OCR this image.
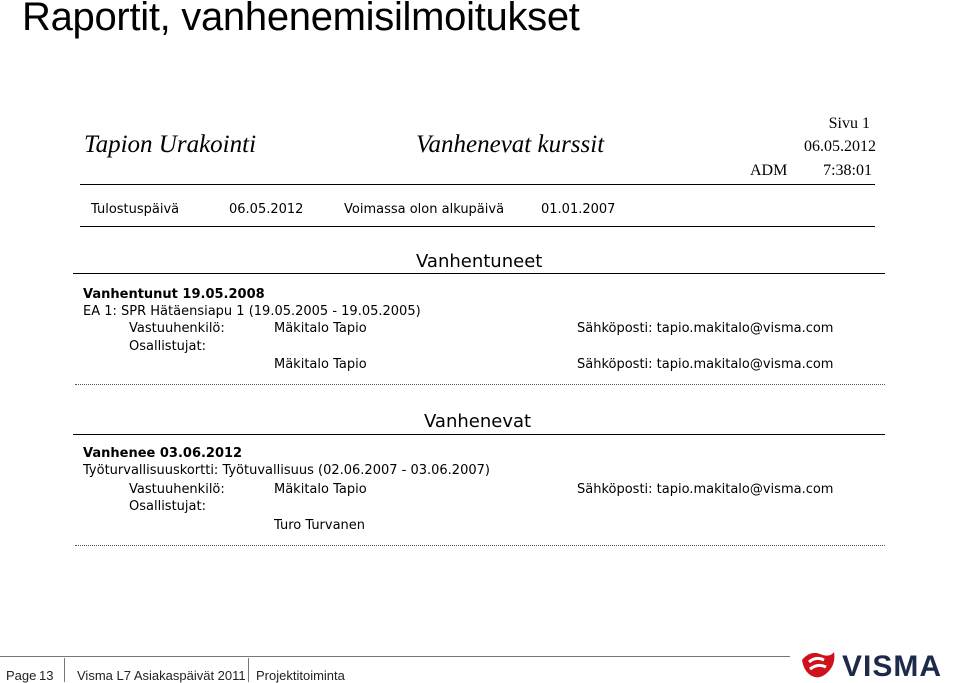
Raportit, vanhenemisilmoitukset
Tapion Urakointi	Vanhenevat kurssit
Sivu 1
06.05.2012
ADM 7:38:01
Tulostuspäivä	06.05.2012	Voimassa olon alkupäivä	01.01.2007
Vanhentuneet
Vanhentunut 19.05.2008
EA 1: SPR Hätäensiapu 1 (19.05.2005 - 19.05.2005)
Vastuuhenkilö:	Mäkitalo Tapio	Sähköposti: tapio.makitalo@visma.com
Osallistujat:
Mäkitalo Tapio	Sähköposti: tapio.makitalo@visma.com
Vanhenevat
Vanhenee 03.06.2012
Työturvallisuuskortti: Työtuvallisuus (02.06.2007 - 03.06.2007)
Vastuuhenkilö:	Mäkitalo Tapio	Sähköposti: tapio.makitalo@visma.com
Osallistujat:
Turo Turvanen
Page 13 Visma L7 Asiakaspäivät 2011 Projektitoiminta	VISMA
